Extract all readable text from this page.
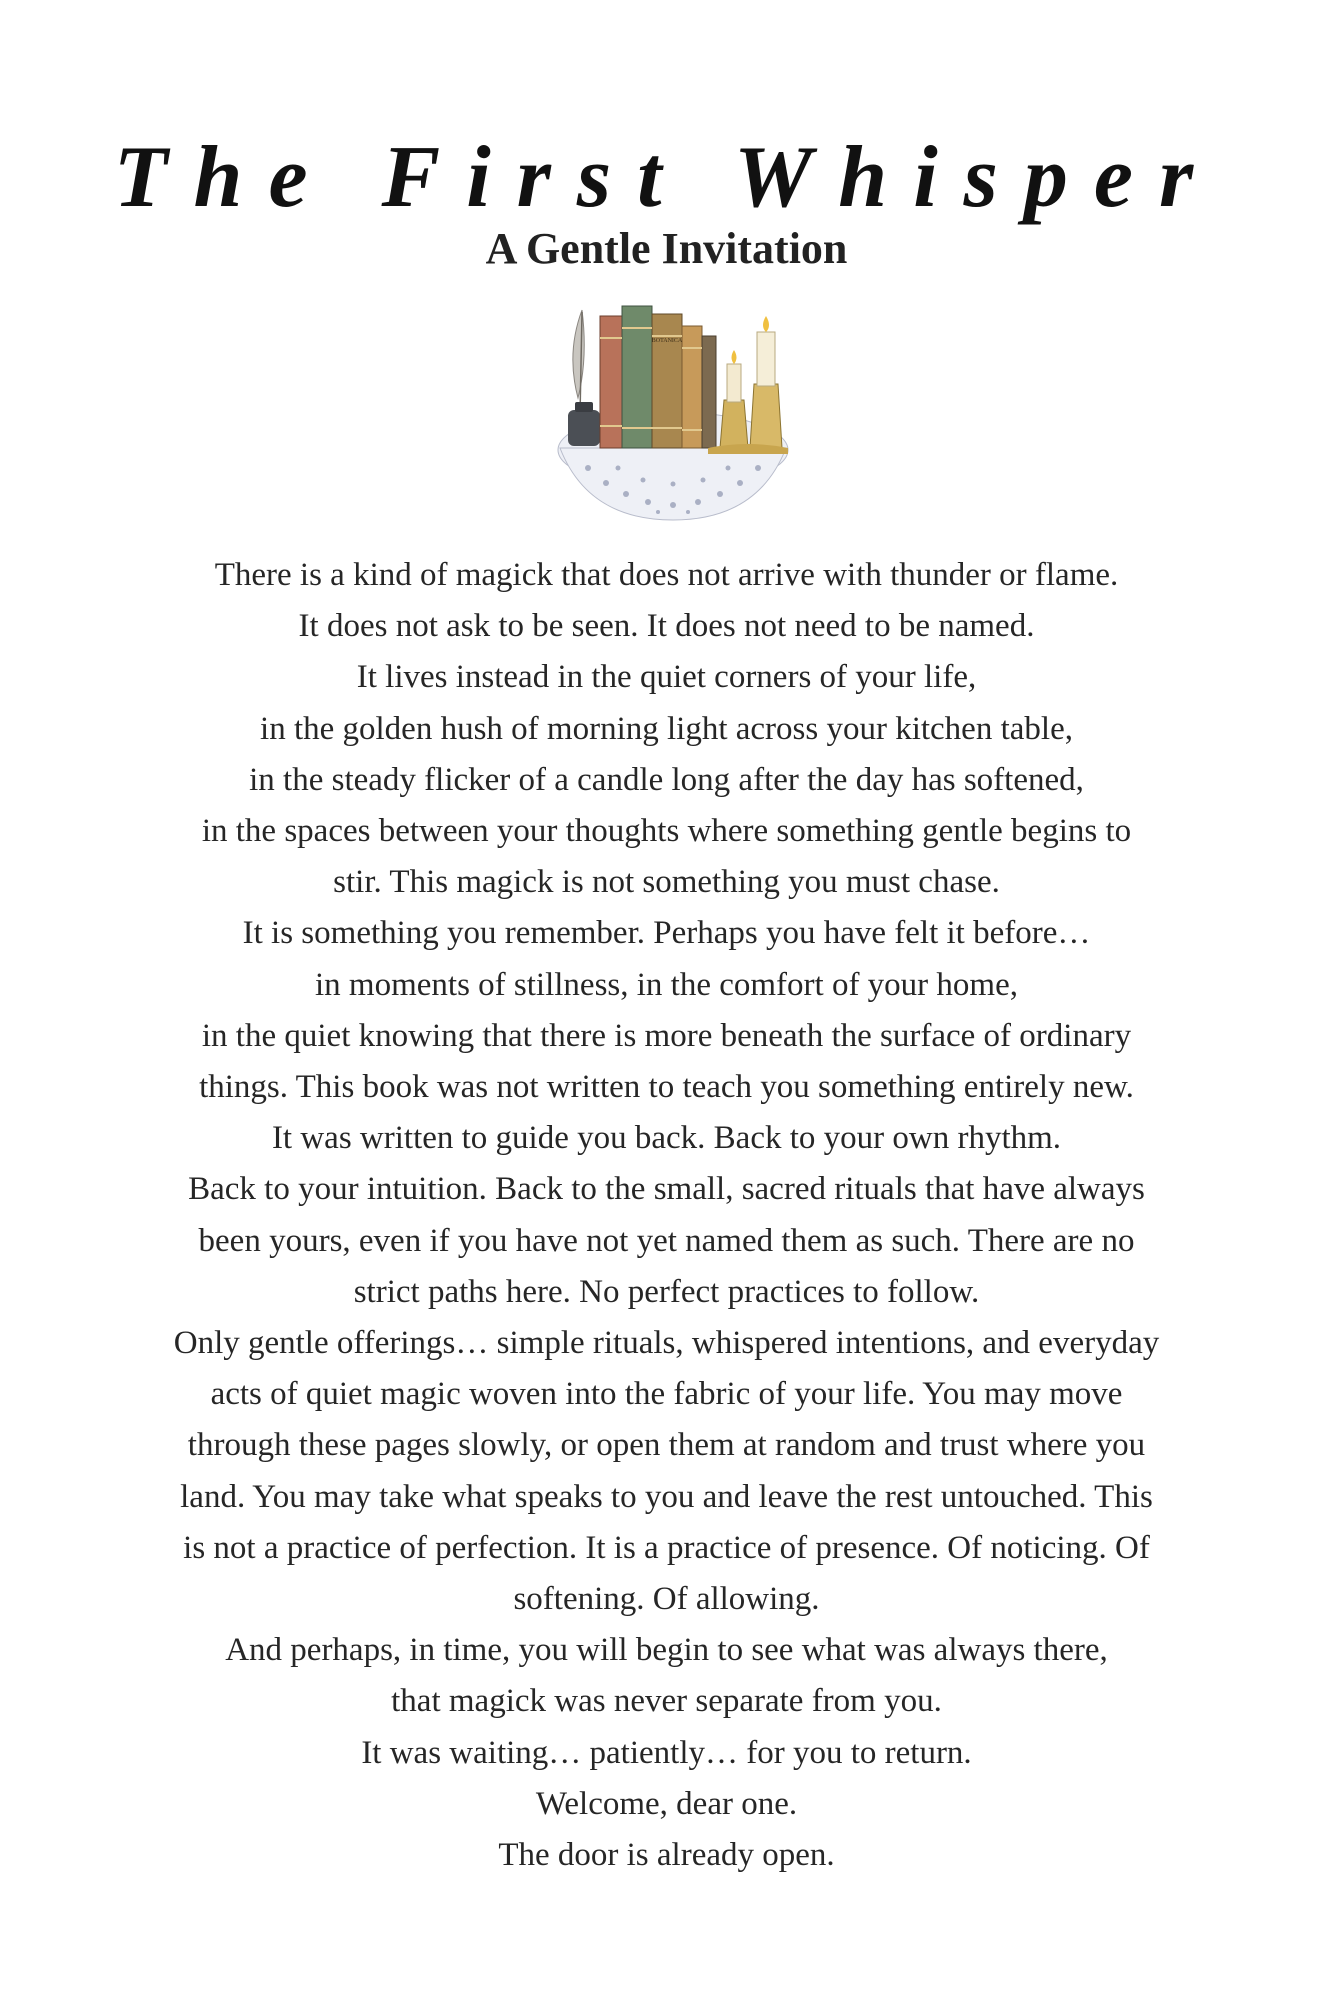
The First Whisper
A Gentle Invitation
BOTANICA

There is a kind of magick that does not arrive with thunder or flame.
It does not ask to be seen. It does not need to be named.
It lives instead in the quiet corners of your life,
in the golden hush of morning light across your kitchen table,
in the steady flicker of a candle long after the day has softened,
in the spaces between your thoughts where something gentle begins to
stir. This magick is not something you must chase.
It is something you remember. Perhaps you have felt it before…
in moments of stillness, in the comfort of your home,
in the quiet knowing that there is more beneath the surface of ordinary
things. This book was not written to teach you something entirely new.
It was written to guide you back. Back to your own rhythm.
Back to your intuition. Back to the small, sacred rituals that have always
been yours, even if you have not yet named them as such. There are no
strict paths here. No perfect practices to follow.
Only gentle offerings… simple rituals, whispered intentions, and everyday
acts of quiet magic woven into the fabric of your life. You may move
through these pages slowly, or open them at random and trust where you
land. You may take what speaks to you and leave the rest untouched. This
is not a practice of perfection. It is a practice of presence. Of noticing. Of
softening. Of allowing.
And perhaps, in time, you will begin to see what was always there,
that magick was never separate from you.
It was waiting… patiently… for you to return.
Welcome, dear one.
The door is already open.
